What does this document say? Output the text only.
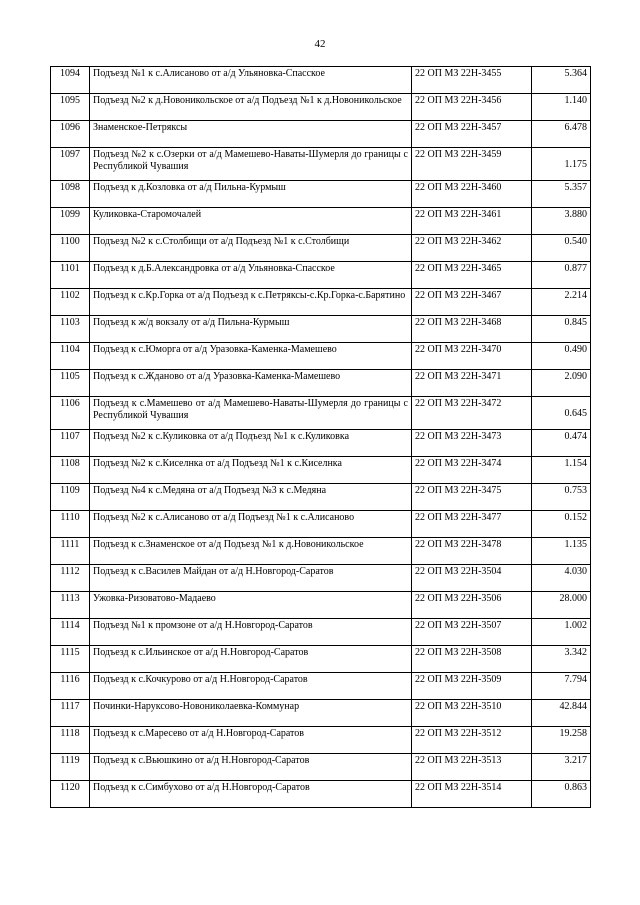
42
1094	Подъезд №1 к с.Алисаново от а/д Ульяновка-Спасское	22 ОП МЗ 22Н-3455	5.364
1095	Подъезд №2 к д.Новоникольское от а/д Подъезд №1 к д.Новоникольское	22 ОП МЗ 22Н-3456	1.140
1096	Знаменское-Петряксы	22 ОП МЗ 22Н-3457	6.478
1097	Подъезд №2 к с.Озерки от а/д Мамешево-Наваты-Шумерля до границы с Республикой Чувашия	22 ОП МЗ 22Н-3459	1.175
1098	Подъезд к д.Козловка от а/д Пильна-Курмыш	22 ОП МЗ 22Н-3460	5.357
1099	Куликовка-Старомочалей	22 ОП МЗ 22Н-3461	3.880
1100	Подъезд №2 к с.Столбищи от а/д Подъезд №1 к с.Столбищи	22 ОП МЗ 22Н-3462	0.540
1101	Подъезд к д.Б.Александровка от а/д Ульяновка-Спасское	22 ОП МЗ 22Н-3465	0.877
1102	Подъезд к с.Кр.Горка от а/д Подъезд к с.Петряксы-с.Кр.Горка-с.Барятино	22 ОП МЗ 22Н-3467	2.214
1103	Подъезд к ж/д вокзалу от а/д Пильна-Курмыш	22 ОП МЗ 22Н-3468	0.845
1104	Подъезд к с.Юморга от а/д Уразовка-Каменка-Мамешево	22 ОП МЗ 22Н-3470	0.490
1105	Подъезд к с.Жданово от а/д Уразовка-Каменка-Мамешево	22 ОП МЗ 22Н-3471	2.090
1106	Подъезд к с.Мамешево от а/д Мамешево-Наваты-Шумерля до границы с Республикой Чувашия	22 ОП МЗ 22Н-3472	0.645
1107	Подъезд №2 к с.Куликовка от а/д Подъезд №1 к с.Куликовка	22 ОП МЗ 22Н-3473	0.474
1108	Подъезд №2 к с.Киселнка от а/д Подъезд №1 к с.Киселнка	22 ОП МЗ 22Н-3474	1.154
1109	Подъезд №4 к с.Медяна от а/д Подъезд №3 к с.Медяна	22 ОП МЗ 22Н-3475	0.753
1110	Подъезд №2 к с.Алисаново от а/д Подъезд №1 к с.Алисаново	22 ОП МЗ 22Н-3477	0.152
1111	Подъезд к с.Знаменское от а/д Подъезд №1 к д.Новоникольское	22 ОП МЗ 22Н-3478	1.135
1112	Подъезд к с.Василев Майдан от а/д Н.Новгород-Саратов	22 ОП МЗ 22Н-3504	4.030
1113	Ужовка-Ризоватово-Мадаево	22 ОП МЗ 22Н-3506	28.000
1114	Подъезд №1 к промзоне от а/д Н.Новгород-Саратов	22 ОП МЗ 22Н-3507	1.002
1115	Подъезд к с.Ильинское от а/д Н.Новгород-Саратов	22 ОП МЗ 22Н-3508	3.342
1116	Подъезд к с.Кочкурово от а/д Н.Новгород-Саратов	22 ОП МЗ 22Н-3509	7.794
1117	Починки-Наруксово-Новониколаевка-Коммунар	22 ОП МЗ 22Н-3510	42.844
1118	Подъезд к с.Маресево от а/д Н.Новгород-Саратов	22 ОП МЗ 22Н-3512	19.258
1119	Подъезд к с.Вьюшкино от а/д Н.Новгород-Саратов	22 ОП МЗ 22Н-3513	3.217
1120	Подъезд к с.Симбухово от а/д Н.Новгород-Саратов	22 ОП МЗ 22Н-3514	0.863
